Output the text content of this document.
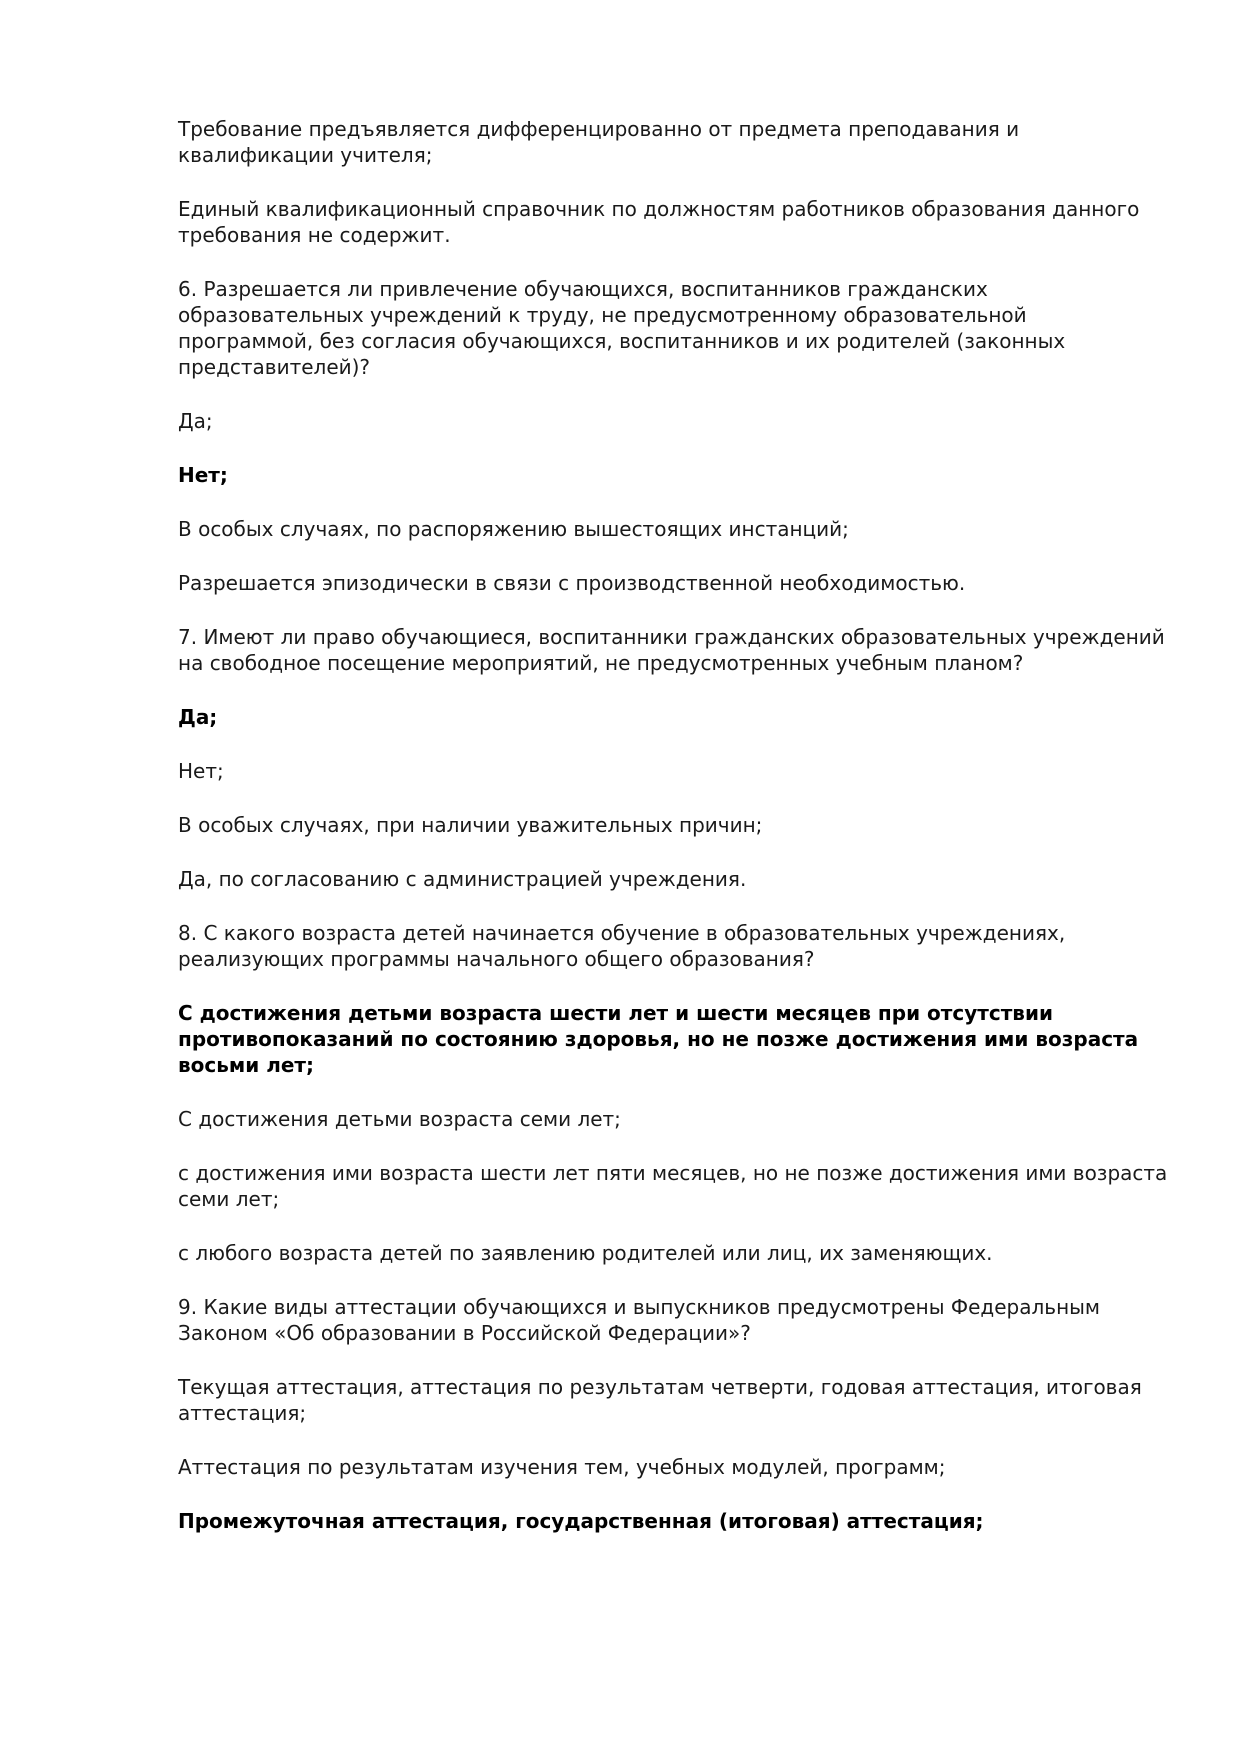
Требование предъявляется дифференцированно от предмета преподавания и квалификации учителя;

Единый квалификационный справочник по должностям работников образования данного требования не содержит.

6. Разрешается ли привлечение обучающихся, воспитанников гражданских образовательных учреждений к труду, не предусмотренному образовательной программой, без согласия обучающихся, воспитанников и их родителей (законных представителей)?

Да;

Нет;

В особых случаях, по распоряжению вышестоящих инстанций;

Разрешается эпизодически в связи с производственной необходимостью.

7. Имеют ли право обучающиеся, воспитанники гражданских образовательных учреждений на свободное посещение мероприятий, не предусмотренных учебным планом?

Да;

Нет;

В особых случаях, при наличии уважительных причин;

Да, по согласованию с администрацией учреждения.

8. С какого возраста детей начинается обучение в образовательных учреждениях, реализующих программы начального общего образования?

С достижения детьми возраста шести лет и шести месяцев при отсутствии противопоказаний по состоянию здоровья, но не позже достижения ими возраста восьми лет;

С достижения детьми возраста семи лет;

с достижения ими возраста шести лет пяти месяцев, но не позже достижения ими возраста семи лет;

с любого возраста детей по заявлению родителей или лиц, их заменяющих.

9. Какие виды аттестации обучающихся и выпускников предусмотрены Федеральным Законом «Об образовании в Российской Федерации»?

Текущая аттестация, аттестация по результатам четверти, годовая аттестация, итоговая аттестация;

Аттестация по результатам изучения тем, учебных модулей, программ;

Промежуточная аттестация, государственная (итоговая) аттестация;
